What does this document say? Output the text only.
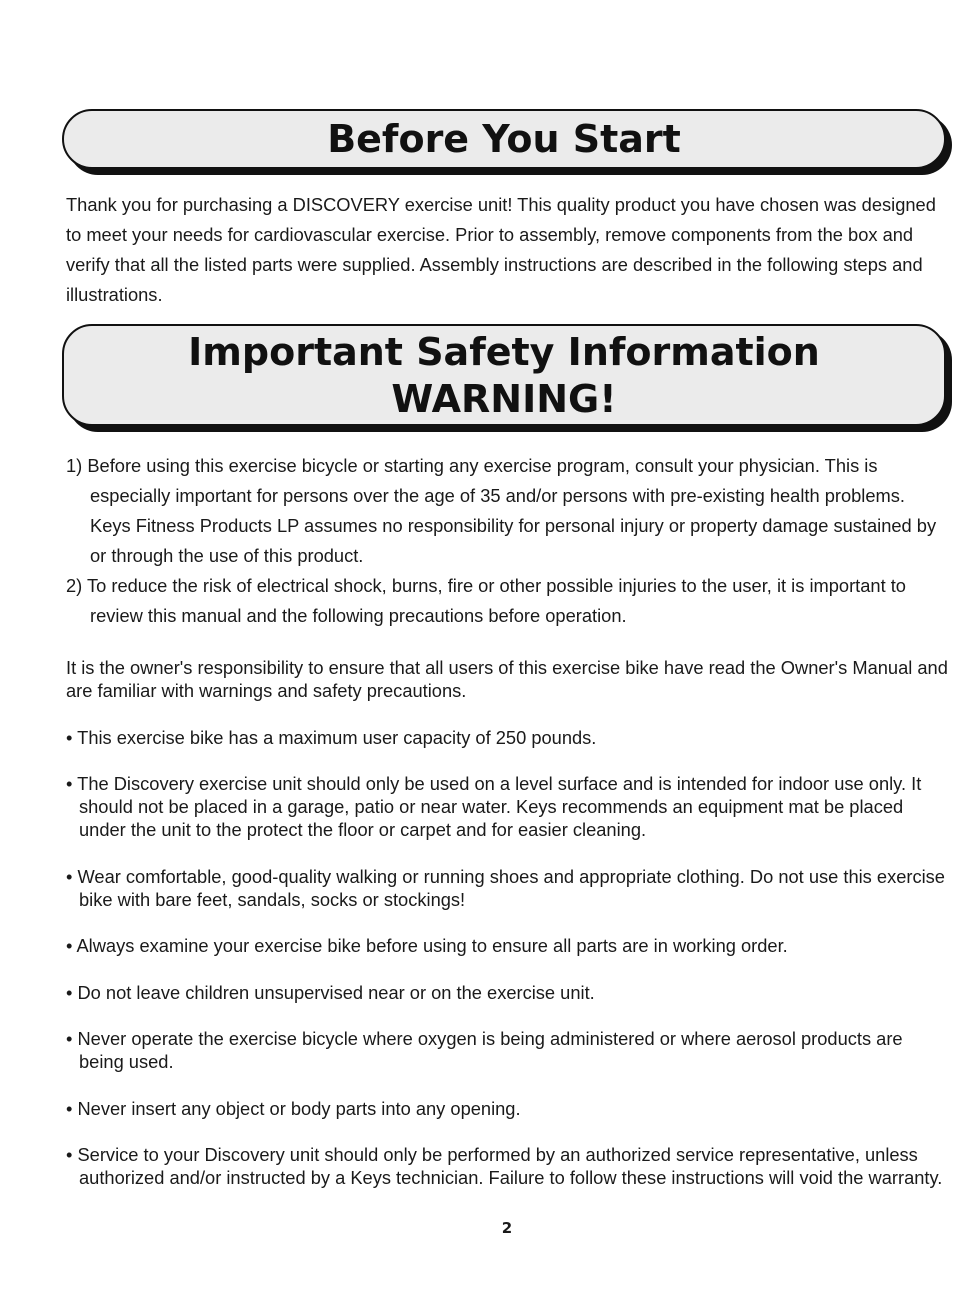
Before You Start

Thank you for purchasing a DISCOVERY exercise unit! This quality product you have chosen was designed to meet your needs for cardiovascular exercise. Prior to assembly, remove components from the box and verify that all the listed parts were supplied. Assembly instructions are described in the following steps and illustrations.

Important Safety Information
WARNING!
1) Before using this exercise bicycle or starting any exercise program, consult your physician. This is especially important for persons over the age of 35 and/or persons with pre-existing health problems. Keys Fitness Products LP assumes no responsibility for personal injury or property damage sustained by or through the use of this product.
2) To reduce the risk of electrical shock, burns, fire or other possible injuries to the user, it is important to review this manual and the following precautions before operation.

It is the owner's responsibility to ensure that all users of this exercise bike have read the Owner's Manual and are familiar with warnings and safety precautions.

• This exercise bike has a maximum user capacity of 250 pounds.
• The Discovery exercise unit should only be used on a level surface and is intended for indoor use only. It should not be placed in a garage, patio or near water. Keys recommends an equipment mat be placed under the unit to the protect the floor or carpet and for easier cleaning.
• Wear comfortable, good-quality walking or running shoes and appropriate clothing. Do not use this exercise bike with bare feet, sandals, socks or stockings!
• Always examine your exercise bike before using to ensure all parts are in working order.
• Do not leave children unsupervised near or on the exercise unit.
• Never operate the exercise bicycle where oxygen is being administered or where aerosol products are being used.
• Never insert any object or body parts into any opening.
• Service to your Discovery unit should only be performed by an authorized service representative, unless authorized and/or instructed by a Keys technician. Failure to follow these instructions will void the warranty.
2
